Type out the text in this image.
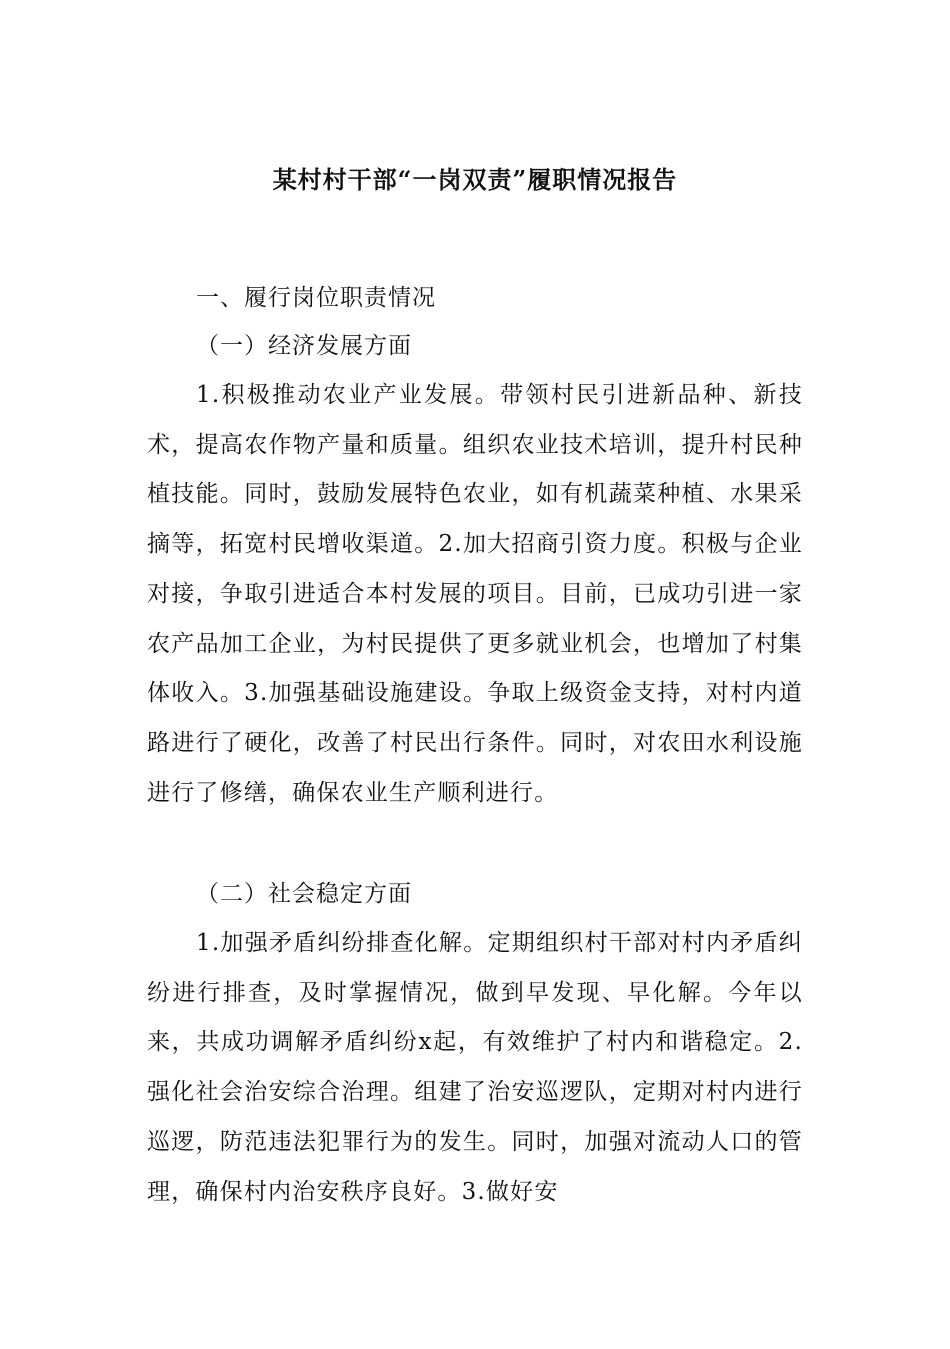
某村村干部“一岗双责”履职情况报告

一、履行岗位职责情况

（一）经济发展方面

1.积极推动农业产业发展。带领村民引进新品种、新技术，提高农作物产量和质量。组织农业技术培训，提升村民种植技能。同时，鼓励发展特色农业，如有机蔬菜种植、水果采摘等，拓宽村民增收渠道。2.加大招商引资力度。积极与企业对接，争取引进适合本村发展的项目。目前，已成功引进一家农产品加工企业，为村民提供了更多就业机会，也增加了村集体收入。3.加强基础设施建设。争取上级资金支持，对村内道路进行了硬化，改善了村民出行条件。同时，对农田水利设施进行了修缮，确保农业生产顺利进行。

（二）社会稳定方面

1.加强矛盾纠纷排查化解。定期组织村干部对村内矛盾纠纷进行排查，及时掌握情况，做到早发现、早化解。今年以来，共成功调解矛盾纠纷x起，有效维护了村内和谐稳定。2.强化社会治安综合治理。组建了治安巡逻队，定期对村内进行巡逻，防范违法犯罪行为的发生。同时，加强对流动人口的管理，确保村内治安秩序良好。3.做好安
